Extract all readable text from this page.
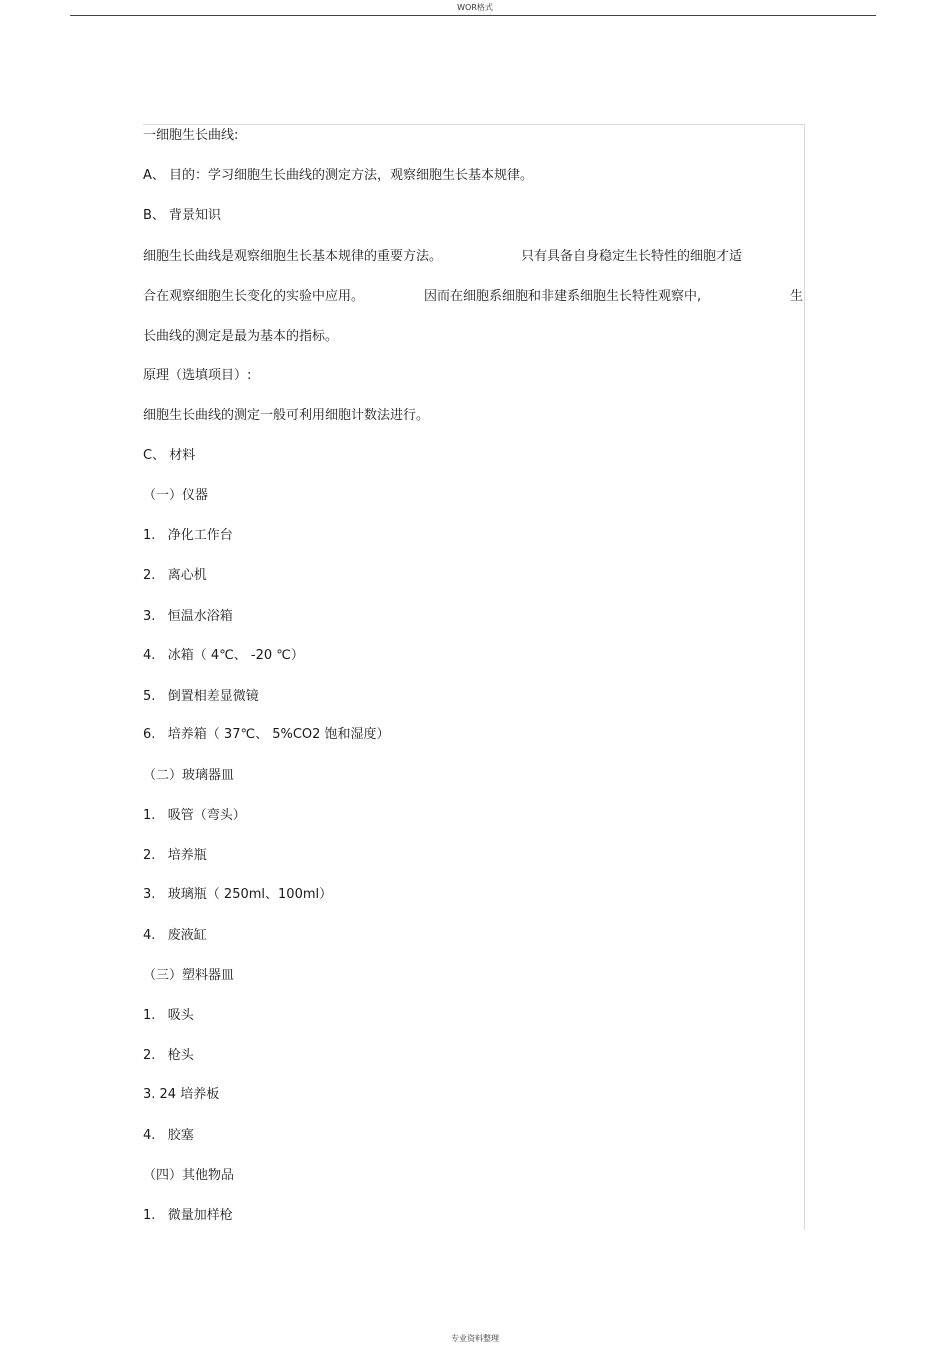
WOR格式
一细胞生长曲线:
A、 目的：学习细胞生长曲线的测定方法，观察细胞生长基本规律。
B、 背景知识

细胞生长曲线是观察细胞生长基本规律的重要方法。

	只有具备自身稳定生长特性的细胞才适

合在观察细胞生长变化的实验中应用。

	因而在细胞系细胞和非建系细胞生长特性观察中,

	生

长曲线的测定是最为基本的指标。
原理（选填项目）:
细胞生长曲线的测定一般可利用细胞计数法进行。
C、 材料
（一）仪器
1.   净化工作台
2.   离心机
3.   恒温水浴箱
4.   冰箱（ 4℃、 -20 ℃）
5.   倒置相差显微镜
6.   培养箱（ 37℃、 5%CO2 饱和湿度）
（二）玻璃器皿
1.   吸管（弯头）
2.   培养瓶
3.   玻璃瓶（ 250ml、100ml）
4.   废液缸
（三）塑料器皿
1.   吸头
2.   枪头
3. 24 培养板
4.   胶塞
（四）其他物品
1.   微量加样枪
专业资料整理
